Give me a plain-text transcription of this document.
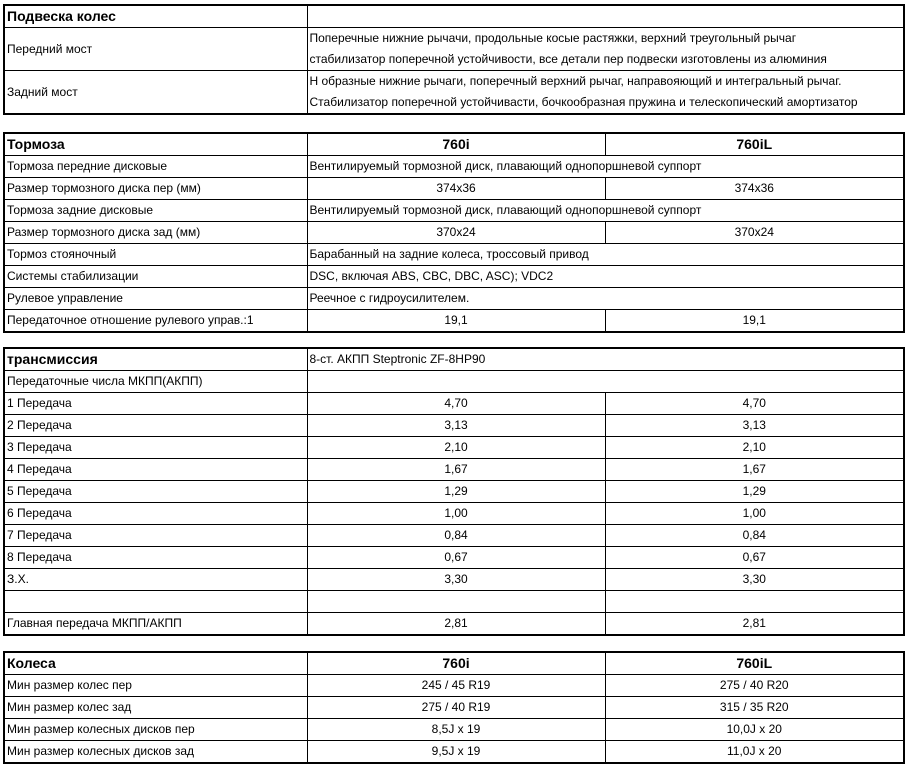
Подвеска колес	
Передний мост	Поперечные нижние рычачи, продольные косые растяжки, верхний треугольный рычаг
стабилизатор поперечной устойчивости, все детали пер подвески изготовлены из алюминия

Задний мост	Н образные нижние рычаги, поперечный верхний рычаг, направояющий и интегральный рычаг.
Стабилизатор поперечной устойчивасти, бочкообразная пружина и телескопический амортизатор
Тормоза	760i	760iL
Тормоза передние дисковые	Вентилируемый тормозной диск, плавающий однопоршневой суппорт	
Размер тормозного диска пер (мм)	374x36	374x36
Тормоза задние дисковые	Вентилируемый тормозной диск, плавающий однопоршневой суппорт	
Размер тормозного диска зад (мм)	370x24	370x24
Тормоз стояночный	Барабанный на задние колеса, троссовый привод	
Системы стабилизации	DSC, включая ABS, CBC, DBC, ASC); VDC2	
Рулевое управление	Реечное с гидроусилителем.	
Передаточное отношение рулевого управ.:1	19,1	19,1
трансмиссия	8-ст. АКПП Steptronic ZF-8HP90	
Передаточные числа МКПП(АКПП)		
1 Передача	4,70	4,70
2 Передача	3,13	3,13
3 Передача	2,10	2,10
4 Передача	1,67	1,67
5 Передача	1,29	1,29
6 Передача	1,00	1,00
7 Передача	0,84	0,84
8 Передача	0,67	0,67
З.Х.	3,30	3,30

Главная передача МКПП/АКПП	2,81	2,81
Колеса	760i	760iL
Мин размер колес пер	245 / 45 R19	275 / 40 R20
Мин размер колес зад	275 / 40 R19	315 / 35 R20
Мин размер колесных дисков пер	8,5J x 19	10,0J x 20
Мин размер колесных дисков зад	9,5J x 19	11,0J x 20
